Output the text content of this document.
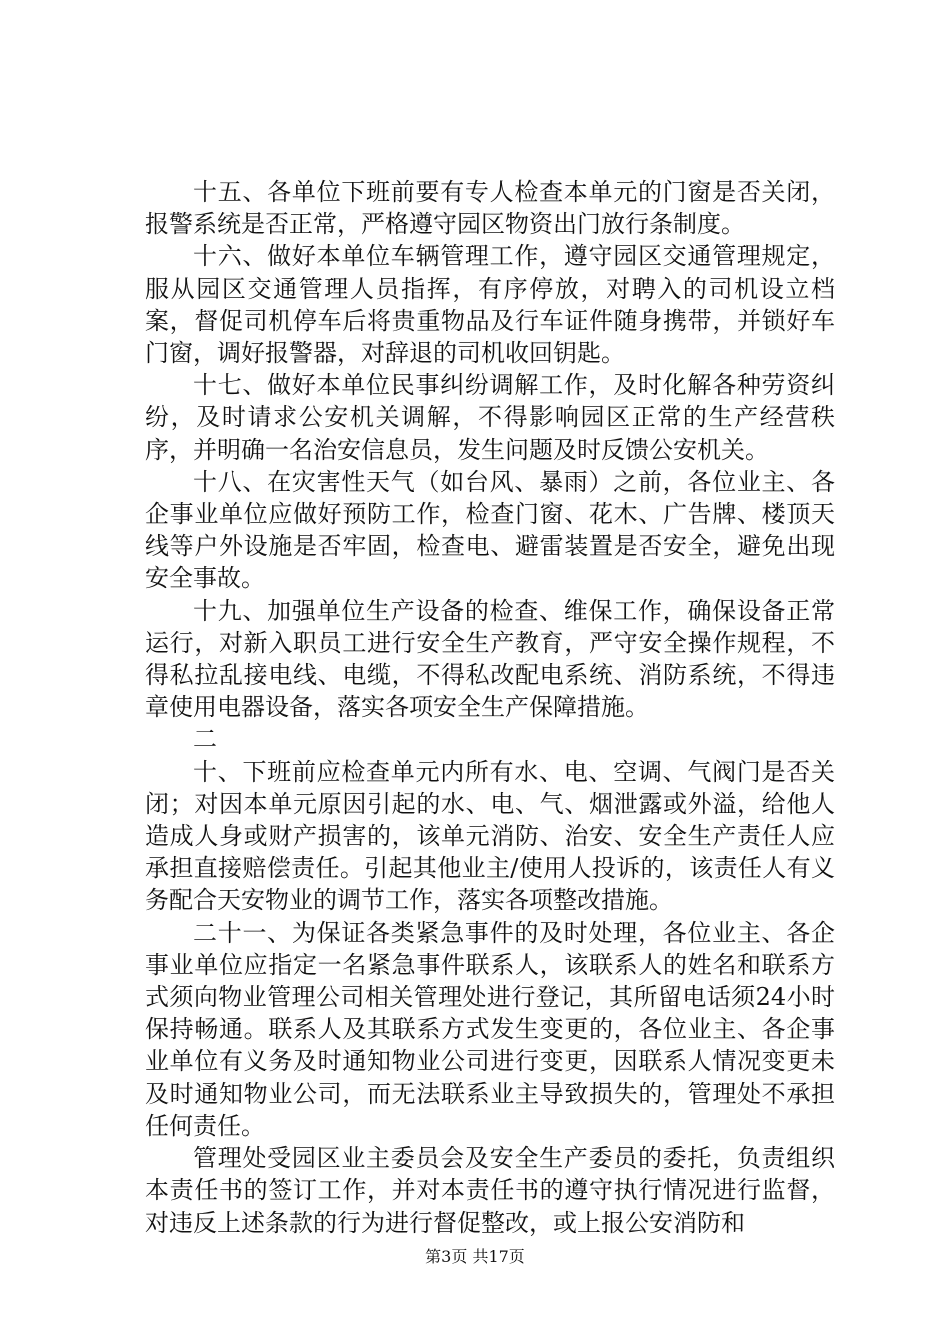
十五、各单位下班前要有专人检查本单元的门窗是否关闭，报警系统是否正常，严格遵守园区物资出门放行条制度。

十六、做好本单位车辆管理工作，遵守园区交通管理规定，服从园区交通管理人员指挥，有序停放，对聘入的司机设立档案，督促司机停车后将贵重物品及行车证件随身携带，并锁好车门窗，调好报警器，对辞退的司机收回钥匙。

十七、做好本单位民事纠纷调解工作，及时化解各种劳资纠纷，及时请求公安机关调解，不得影响园区正常的生产经营秩序，并明确一名治安信息员，发生问题及时反馈公安机关。

十八、在灾害性天气（如台风、暴雨）之前，各位业主、各企事业单位应做好预防工作，检查门窗、花木、广告牌、楼顶天线等户外设施是否牢固，检查电、避雷装置是否安全，避免出现安全事故。

十九、加强单位生产设备的检查、维保工作，确保设备正常运行，对新入职员工进行安全生产教育，严守安全操作规程，不得私拉乱接电线、电缆，不得私改配电系统、消防系统，不得违章使用电器设备，落实各项安全生产保障措施。

二

十、下班前应检查单元内所有水、电、空调、气阀门是否关闭；对因本单元原因引起的水、电、气、烟泄露或外溢，给他人造成人身或财产损害的，该单元消防、治安、安全生产责任人应承担直接赔偿责任。引起其他业主/使用人投诉的，该责任人有义务配合天安物业的调节工作，落实各项整改措施。

二十一、为保证各类紧急事件的及时处理，各位业主、各企事业单位应指定一名紧急事件联系人，该联系人的姓名和联系方式须向物业管理公司相关管理处进行登记，其所留电话须24小时保持畅通。联系人及其联系方式发生变更的，各位业主、各企事业单位有义务及时通知物业公司进行变更，因联系人情况变更未及时通知物业公司，而无法联系业主导致损失的，管理处不承担任何责任。

管理处受园区业主委员会及安全生产委员的委托，负责组织本责任书的签订工作，并对本责任书的遵守执行情况进行监督，对违反上述条款的行为进行督促整改，或上报公安消防和

第3页 共17页
